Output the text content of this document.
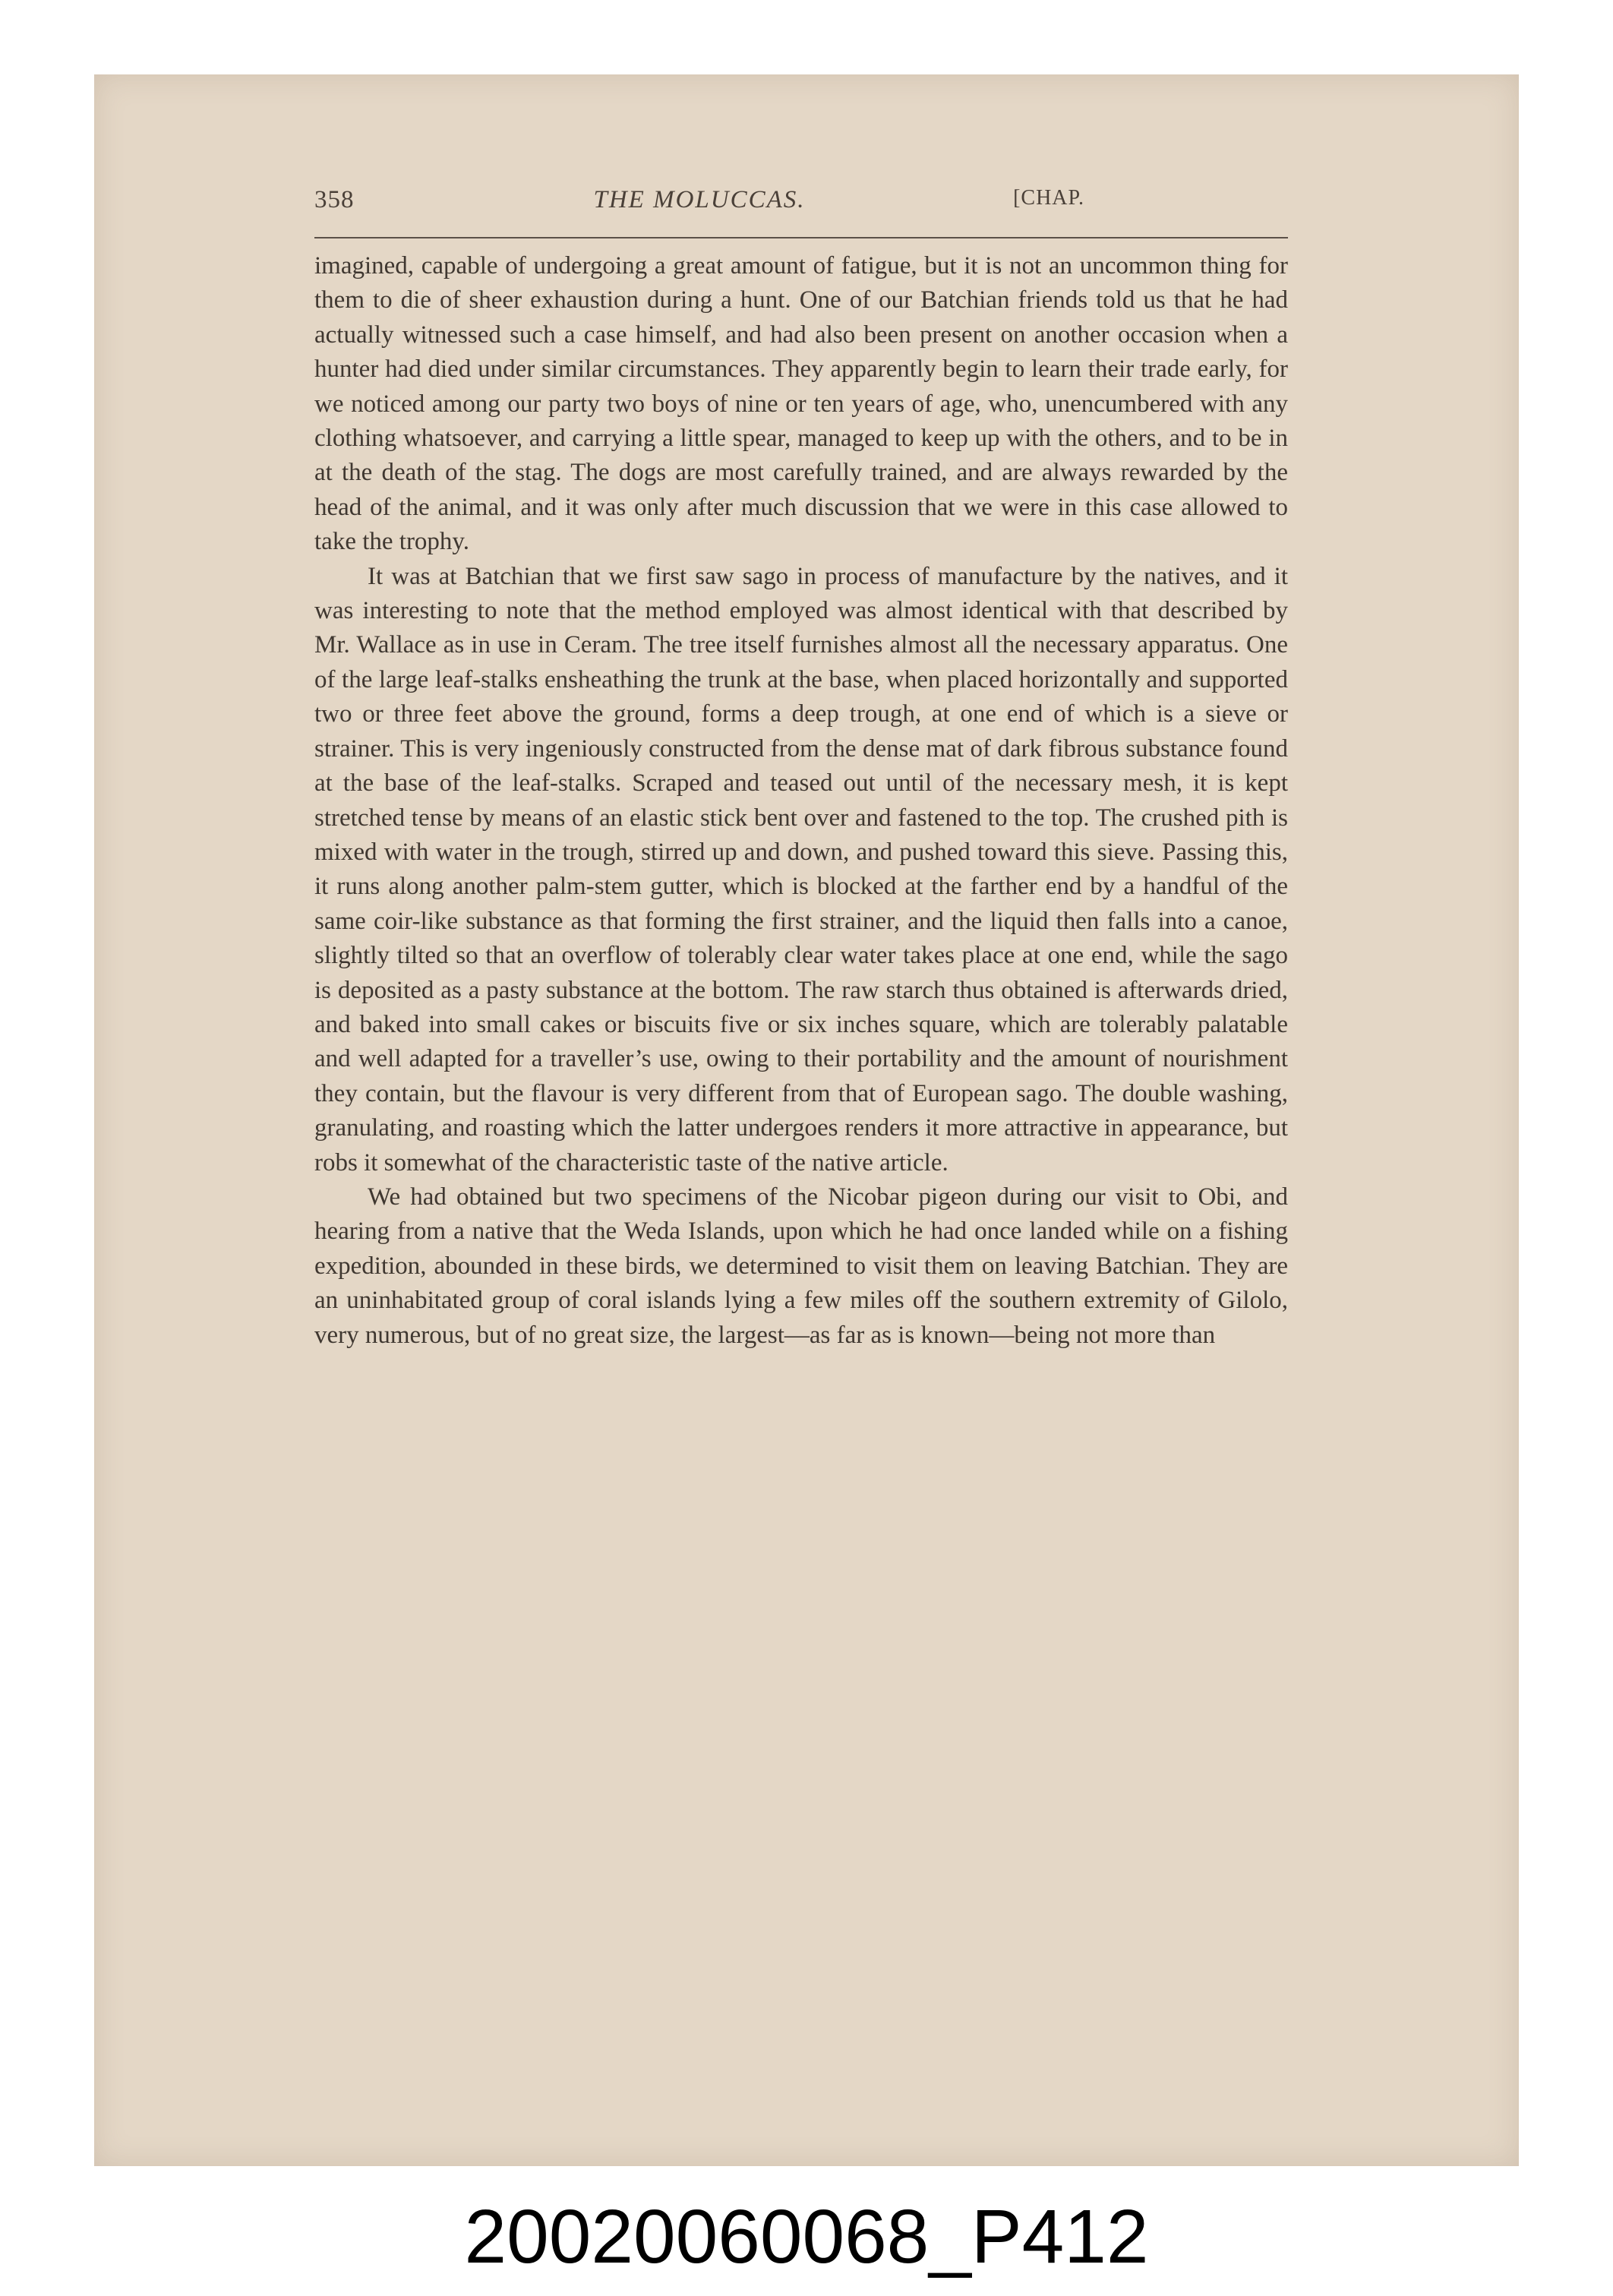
358	THE MOLUCCAS.	[CHAP.

imagined, capable of undergoing a great amount of fatigue, but it is not an uncommon thing for them to die of sheer exhaustion during a hunt. One of our Batchian friends told us that he had actually witnessed such a case himself, and had also been present on another occasion when a hunter had died under similar circumstances. They apparently begin to learn their trade early, for we noticed among our party two boys of nine or ten years of age, who, unencumbered with any clothing whatsoever, and carrying a little spear, managed to keep up with the others, and to be in at the death of the stag. The dogs are most carefully trained, and are always rewarded by the head of the animal, and it was only after much discussion that we were in this case allowed to take the trophy.

It was at Batchian that we first saw sago in process of manufacture by the natives, and it was interesting to note that the method employed was almost identical with that described by Mr. Wallace as in use in Ceram. The tree itself furnishes almost all the necessary apparatus. One of the large leaf-stalks ensheathing the trunk at the base, when placed horizontally and supported two or three feet above the ground, forms a deep trough, at one end of which is a sieve or strainer. This is very ingeniously constructed from the dense mat of dark fibrous substance found at the base of the leaf-stalks. Scraped and teased out until of the necessary mesh, it is kept stretched tense by means of an elastic stick bent over and fastened to the top. The crushed pith is mixed with water in the trough, stirred up and down, and pushed toward this sieve. Passing this, it runs along another palm-stem gutter, which is blocked at the farther end by a handful of the same coir-like substance as that forming the first strainer, and the liquid then falls into a canoe, slightly tilted so that an overflow of tolerably clear water takes place at one end, while the sago is deposited as a pasty substance at the bottom. The raw starch thus obtained is afterwards dried, and baked into small cakes or biscuits five or six inches square, which are tolerably palatable and well adapted for a traveller’s use, owing to their portability and the amount of nourishment they contain, but the flavour is very different from that of European sago. The double washing, granulating, and roasting which the latter undergoes renders it more attractive in appearance, but robs it somewhat of the characteristic taste of the native article.

We had obtained but two specimens of the Nicobar pigeon during our visit to Obi, and hearing from a native that the Weda Islands, upon which he had once landed while on a fishing expedition, abounded in these birds, we determined to visit them on leaving Batchian. They are an uninhabitated group of coral islands lying a few miles off the southern extremity of Gilolo, very numerous, but of no great size, the largest—as far as is known—being not more than

20020060068_P412
